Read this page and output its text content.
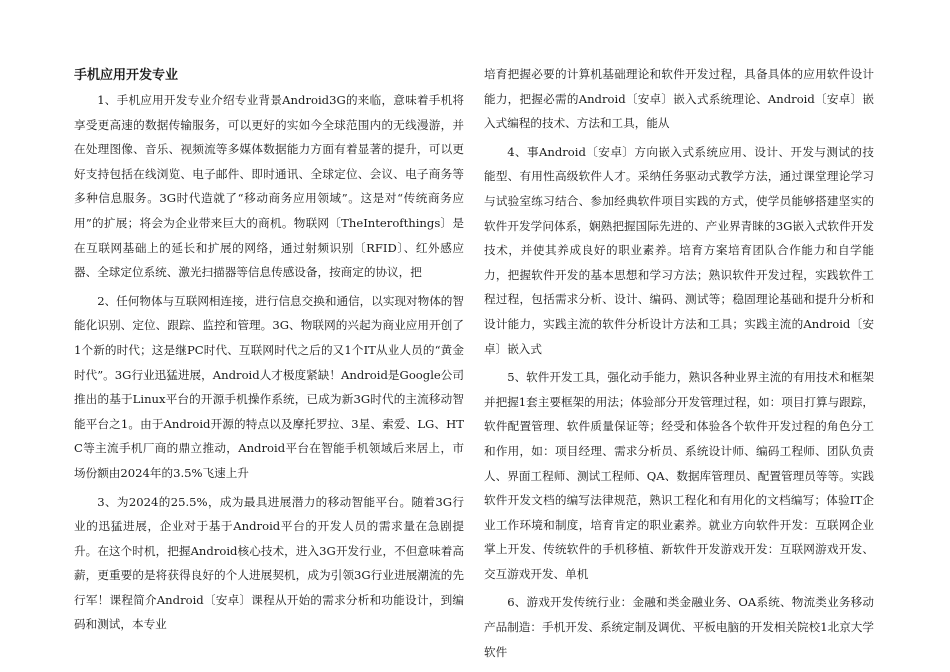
手机应用开发专业

1、手机应用开发专业介绍专业背景Android3G的来临，意味着手机将享受更高速的数据传输服务，可以更好的实如今全球范围内的无线漫游，并在处理图像、音乐、视频流等多媒体数据能力方面有着显著的提升，可以更好支持包括在线浏览、电子邮件、即时通讯、全球定位、会议、电子商务等多种信息服务。3G时代造就了“移动商务应用领域”。这是对“传统商务应用”的扩展；将会为企业带来巨大的商机。物联网〔TheInterofthings〕是在互联网基础上的延长和扩展的网络，通过射频识别〔RFID〕、红外感应器、全球定位系统、激光扫描器等信息传感设备，按商定的协议，把

2、任何物体与互联网相连接，进行信息交换和通信，以实现对物体的智能化识别、定位、跟踪、监控和管理。3G、物联网的兴起为商业应用开创了1个新的时代；这是继PC时代、互联网时代之后的又1个IT从业人员的“黄金时代”。3G行业迅猛进展，Android人才极度紧缺！Android是Google公司推出的基于Linux平台的开源手机操作系统，已成为新3G时代的主流移动智能平台之1。由于Android开源的特点以及摩托罗拉、3星、索爱、LG、HTC等主流手机厂商的鼎立推动，Android平台在智能手机领域后来居上，市场份额由2024年的3.5%飞速上升

3、为2024的25.5%，成为最具进展潜力的移动智能平台。随着3G行业的迅猛进展，企业对于基于Android平台的开发人员的需求量在急剧提升。在这个时机，把握Android核心技术，进入3G开发行业，不但意味着高薪，更重要的是将获得良好的个人进展契机，成为引领3G行业进展潮流的先行军！课程简介Android〔安卓〕课程从开始的需求分析和功能设计，到编码和测试，本专业

培育把握必要的计算机基础理论和软件开发过程，具备具体的应用软件设计能力，把握必需的Android〔安卓〕嵌入式系统理论、Android〔安卓〕嵌入式编程的技术、方法和工具，能从

4、事Android〔安卓〕方向嵌入式系统应用、设计、开发与测试的技能型、有用性高级软件人才。采纳任务驱动式教学方法，通过课堂理论学习与试验室练习结合、参加经典软件项目实践的方式，使学员能够搭建坚实的软件开发学问体系，娴熟把握国际先进的、产业界青睐的3G嵌入式软件开发技术，并使其养成良好的职业素养。培育方案培育团队合作能力和自学能力，把握软件开发的基本思想和学习方法；熟识软件开发过程，实践软件工程过程，包括需求分析、设计、编码、测试等；稳固理论基础和提升分析和设计能力，实践主流的软件分析设计方法和工具；实践主流的Android〔安卓〕嵌入式

5、软件开发工具，强化动手能力，熟识各种业界主流的有用技术和框架并把握1套主要框架的用法；体验部分开发管理过程，如：项目打算与跟踪，软件配置管理、软件质量保证等；经受和体验各个软件开发过程的角色分工和作用，如：项目经理、需求分析员、系统设计师、编码工程师、团队负责人、界面工程师、测试工程师、QA、数据库管理员、配置管理员等等。实践软件开发文档的编写法律规范，熟识工程化和有用化的文档编写；体验IT企业工作环境和制度，培育肯定的职业素养。就业方向软件开发：互联网企业掌上开发、传统软件的手机移植、新软件开发游戏开发：互联网游戏开发、交互游戏开发、单机

6、游戏开发传统行业：金融和类金融业务、OA系统、物流类业务移动产品制造：手机开发、系统定制及调优、平板电脑的开发相关院校1北京大学软件
